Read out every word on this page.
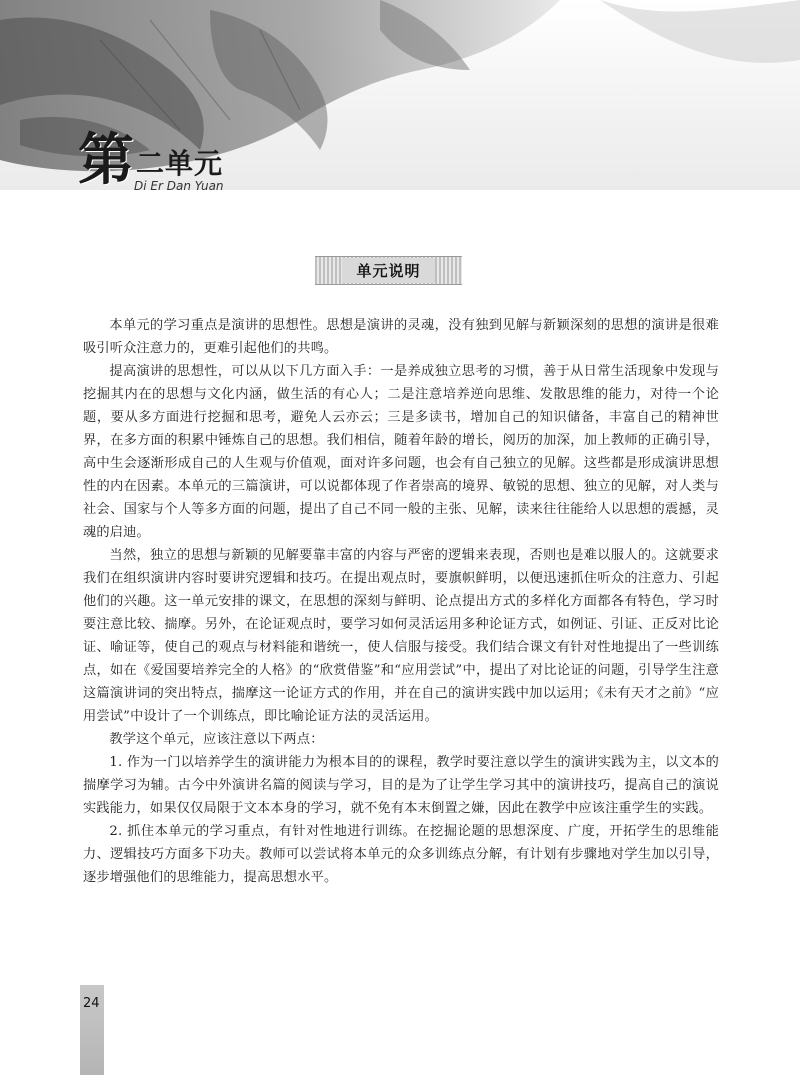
第 二单元
Di Er Dan Yuan
单元说明

本单元的学习重点是演讲的思想性。思想是演讲的灵魂，没有独到见解与新颖深刻的思想的演讲是很难吸引听众注意力的，更难引起他们的共鸣。

提高演讲的思想性，可以从以下几方面入手：一是养成独立思考的习惯，善于从日常生活现象中发现与挖掘其内在的思想与文化内涵，做生活的有心人；二是注意培养逆向思维、发散思维的能力，对待一个论题，要从多方面进行挖掘和思考，避免人云亦云；三是多读书，增加自己的知识储备，丰富自己的精神世界，在多方面的积累中锤炼自己的思想。我们相信，随着年龄的增长，阅历的加深，加上教师的正确引导，高中生会逐渐形成自己的人生观与价值观，面对许多问题，也会有自己独立的见解。这些都是形成演讲思想性的内在因素。本单元的三篇演讲，可以说都体现了作者崇高的境界、敏锐的思想、独立的见解，对人类与社会、国家与个人等多方面的问题，提出了自己不同一般的主张、见解，读来往往能给人以思想的震撼，灵魂的启迪。

当然，独立的思想与新颖的见解要靠丰富的内容与严密的逻辑来表现，否则也是难以服人的。这就要求我们在组织演讲内容时要讲究逻辑和技巧。在提出观点时，要旗帜鲜明，以便迅速抓住听众的注意力、引起他们的兴趣。这一单元安排的课文，在思想的深刻与鲜明、论点提出方式的多样化方面都各有特色，学习时要注意比较、揣摩。另外，在论证观点时，要学习如何灵活运用多种论证方式，如例证、引证、正反对比论证、喻证等，使自己的观点与材料能和谐统一，使人信服与接受。我们结合课文有针对性地提出了一些训练点，如在《爱国要培养完全的人格》的“欣赏借鉴”和“应用尝试”中，提出了对比论证的问题，引导学生注意这篇演讲词的突出特点，揣摩这一论证方式的作用，并在自己的演讲实践中加以运用；《未有天才之前》“应用尝试”中设计了一个训练点，即比喻论证方法的灵活运用。

教学这个单元，应该注意以下两点：

1. 作为一门以培养学生的演讲能力为根本目的的课程，教学时要注意以学生的演讲实践为主，以文本的揣摩学习为辅。古今中外演讲名篇的阅读与学习，目的是为了让学生学习其中的演讲技巧，提高自己的演说实践能力，如果仅仅局限于文本本身的学习，就不免有本末倒置之嫌，因此在教学中应该注重学生的实践。

2. 抓住本单元的学习重点，有针对性地进行训练。在挖掘论题的思想深度、广度，开拓学生的思维能力、逻辑技巧方面多下功夫。教师可以尝试将本单元的众多训练点分解，有计划有步骤地对学生加以引导，逐步增强他们的思维能力，提高思想水平。

24
